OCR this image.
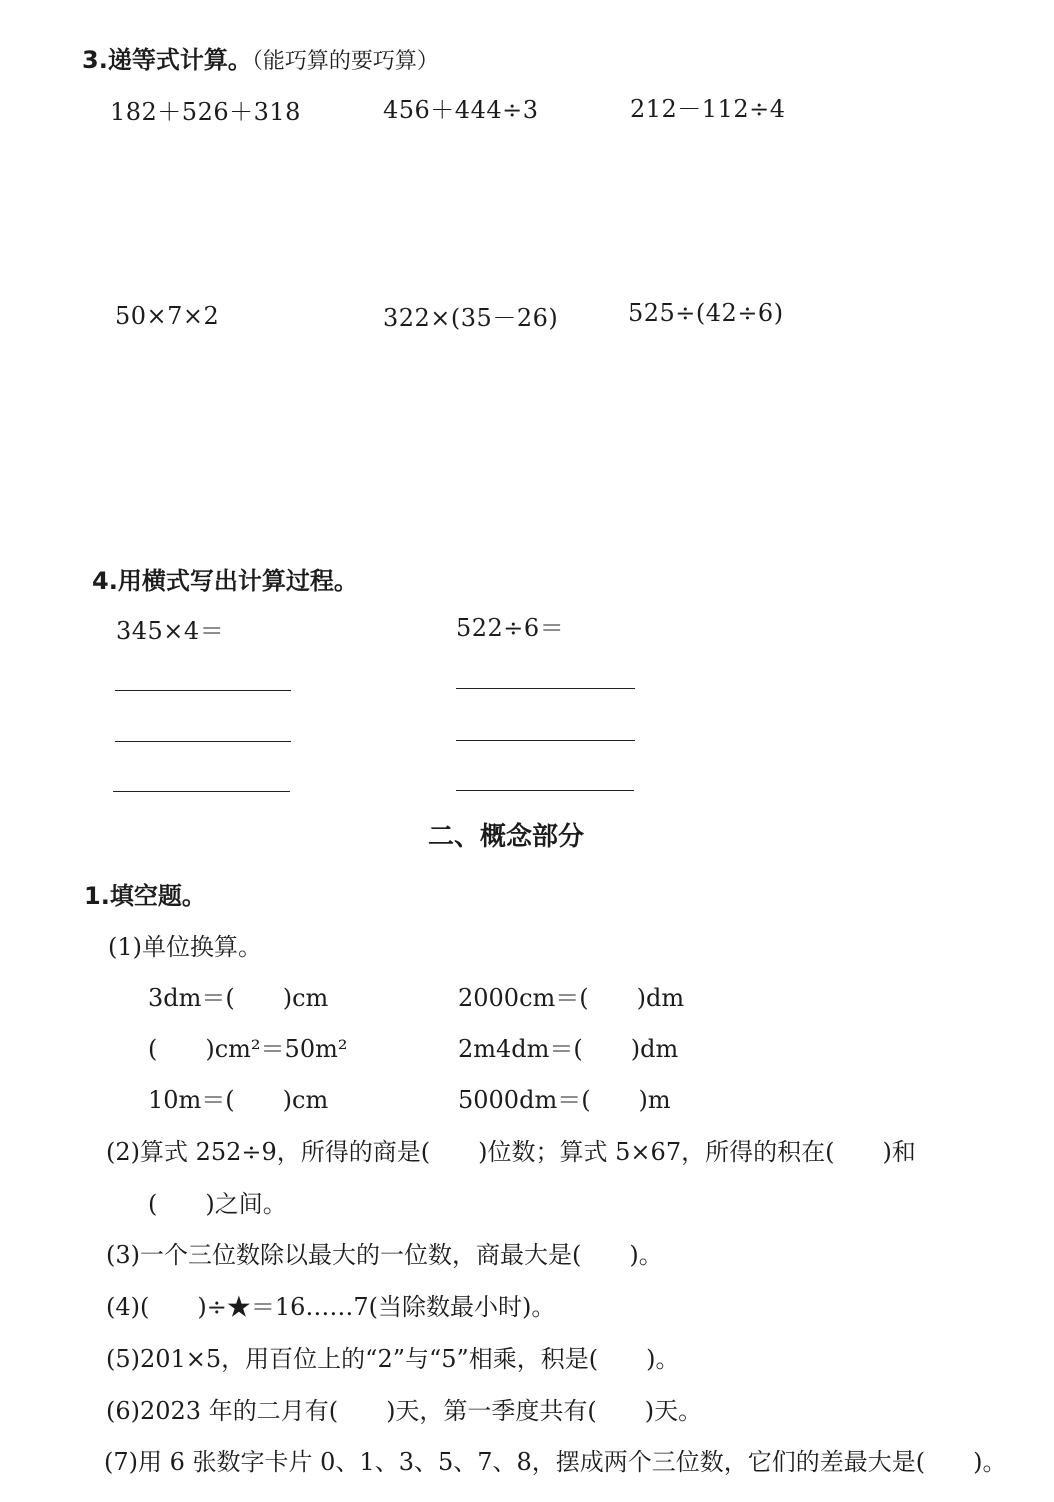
3.递等式计算。（能巧算的要巧算）
182＋526＋318	456＋444÷3	212－112÷4
50×7×2	322×(35－26)	525÷(42÷6)
4.用横式写出计算过程。
345×4＝	522÷6＝
二、概念部分
1.填空题。
(1)单位换算。
3dm＝(　　)cm	2000cm＝(　　)dm
(　　)cm²＝50m²	2m4dm＝(　　)dm
10m＝(　　)cm	5000dm＝(　　)m
(2)算式 252÷9，所得的商是(　　)位数；算式 5×67，所得的积在(　　)和
(　　)之间。
(3)一个三位数除以最大的一位数，商最大是(　　)。
(4)(　　)÷★＝16……7(当除数最小时)。
(5)201×5，用百位上的“2”与“5”相乘，积是(　　)。
(6)2023 年的二月有(　　)天，第一季度共有(　　)天。
(7)用 6 张数字卡片 0、1、3、5、7、8，摆成两个三位数，它们的差最大是(　　)。
